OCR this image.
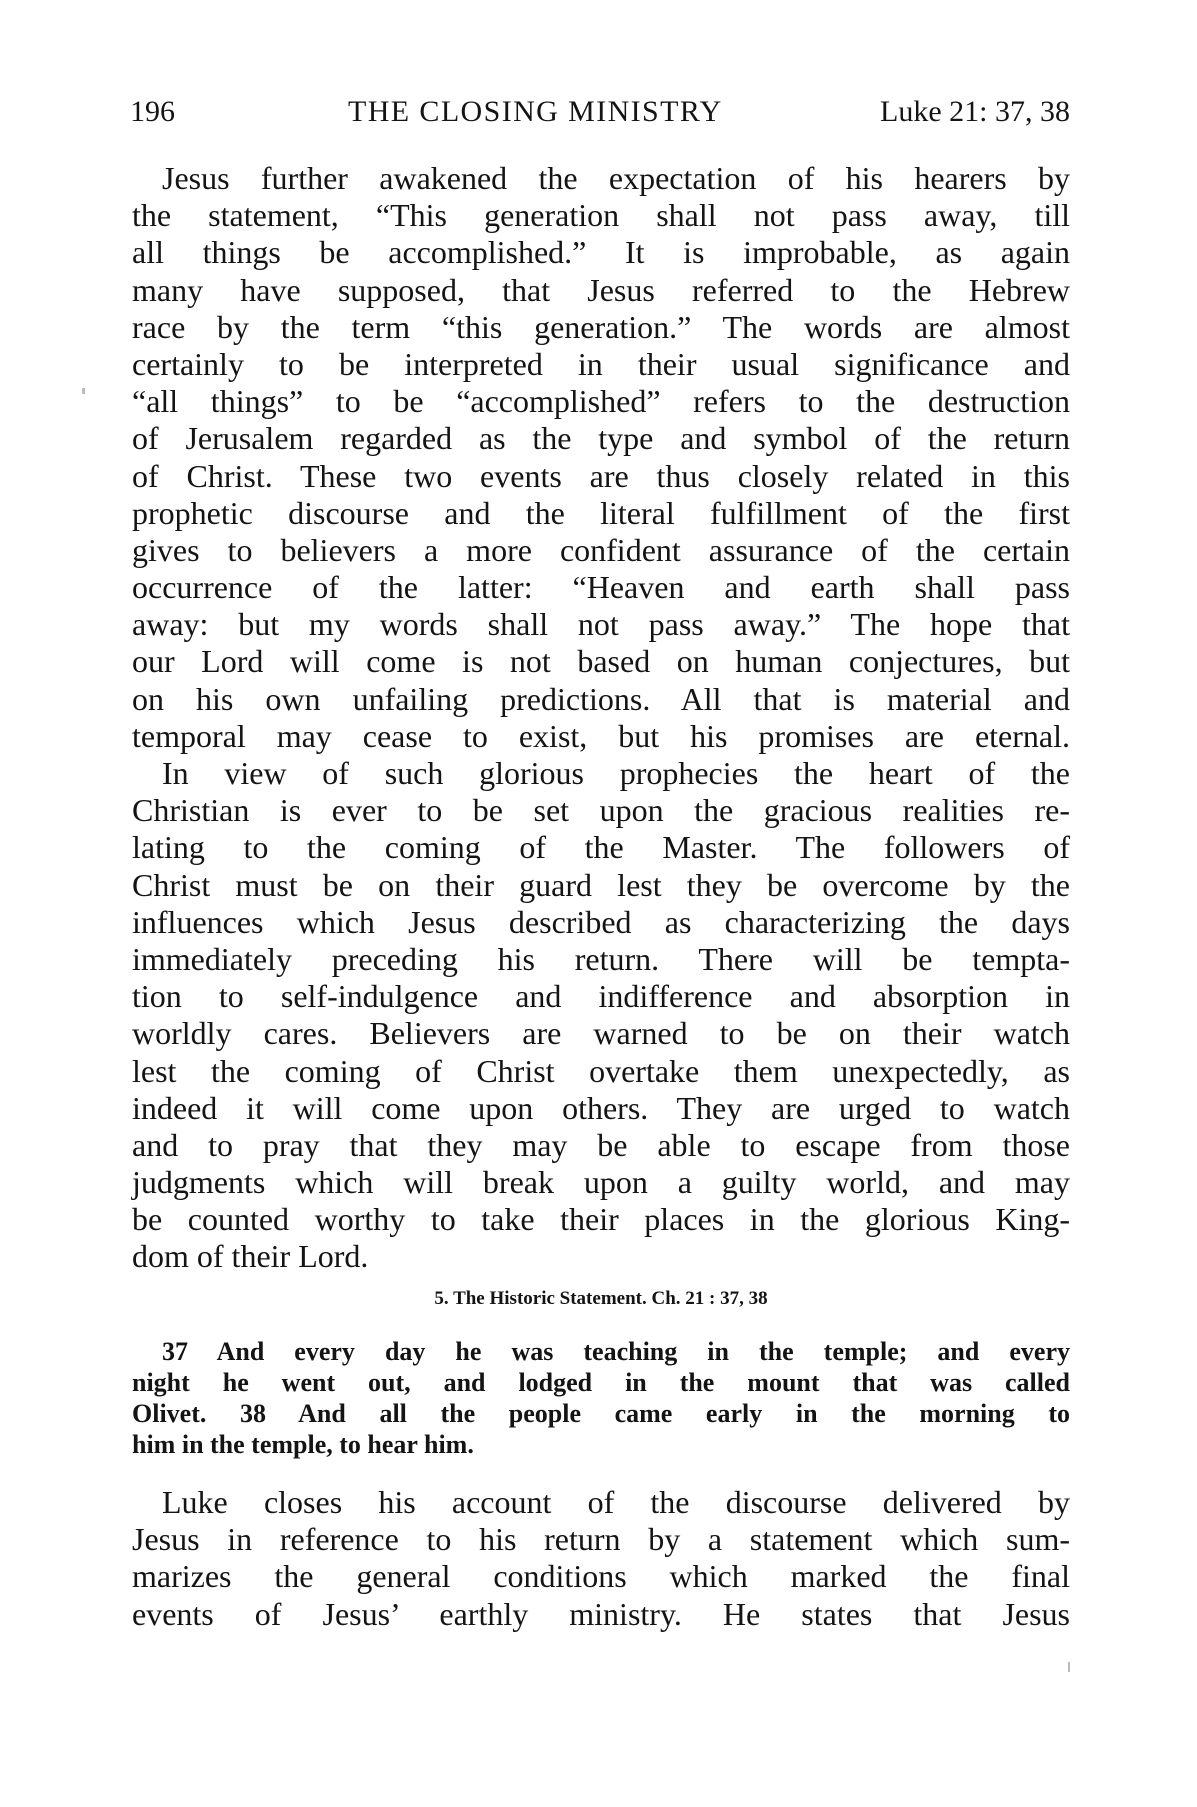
196	THE CLOSING MINISTRY	Luke 21: 37, 38
Jesus further awakened the expectation of his hearers by
the statement, “This generation shall not pass away, till
all things be accomplished.” It is improbable, as again
many have supposed, that Jesus referred to the Hebrew
race by the term “this generation.” The words are almost
certainly to be interpreted in their usual significance and
“all things” to be “accomplished” refers to the destruction
of Jerusalem regarded as the type and symbol of the return
of Christ. These two events are thus closely related in this
prophetic discourse and the literal fulfillment of the first
gives to believers a more confident assurance of the certain
occurrence of the latter: “Heaven and earth shall pass
away: but my words shall not pass away.” The hope that
our Lord will come is not based on human conjectures, but
on his own unfailing predictions. All that is material and
temporal may cease to exist, but his promises are eternal.
In view of such glorious prophecies the heart of the
Christian is ever to be set upon the gracious realities re-
lating to the coming of the Master. The followers of
Christ must be on their guard lest they be overcome by the
influences which Jesus described as characterizing the days
immediately preceding his return. There will be tempta-
tion to self-indulgence and indifference and absorption in
worldly cares. Believers are warned to be on their watch
lest the coming of Christ overtake them unexpectedly, as
indeed it will come upon others. They are urged to watch
and to pray that they may be able to escape from those
judgments which will break upon a guilty world, and may
be counted worthy to take their places in the glorious King-
dom of their Lord.
5. The Historic Statement. Ch. 21 : 37, 38
37 And every day he was teaching in the temple; and every
night he went out, and lodged in the mount that was called
Olivet. 38 And all the people came early in the morning to
him in the temple, to hear him.
Luke closes his account of the discourse delivered by
Jesus in reference to his return by a statement which sum-
marizes the general conditions which marked the final
events of Jesus’ earthly ministry. He states that Jesus
